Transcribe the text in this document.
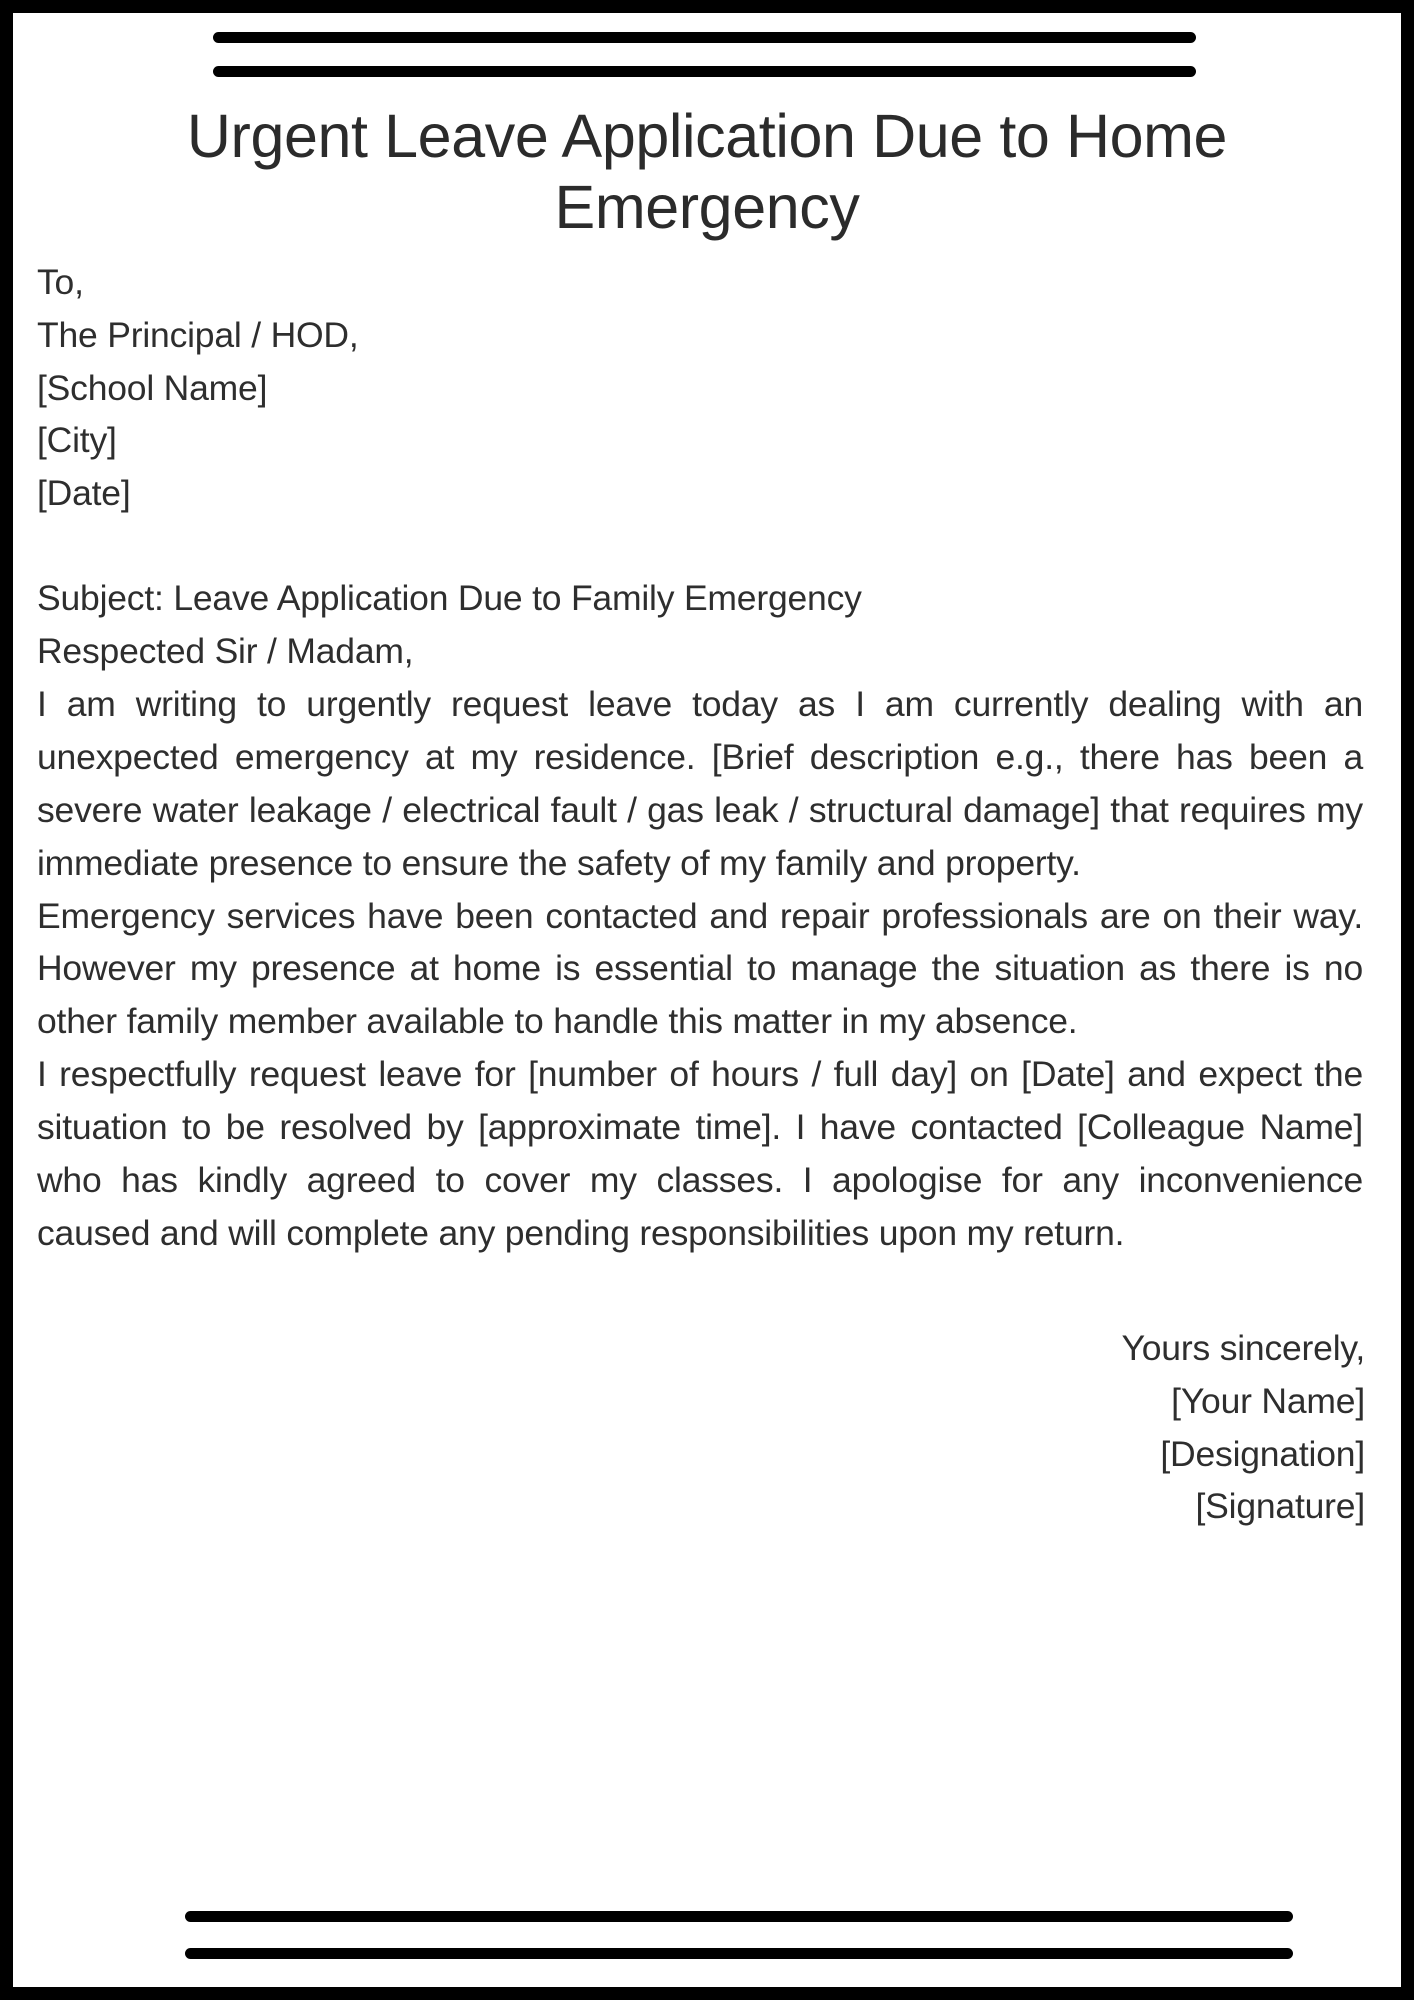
Urgent Leave Application Due to Home Emergency
To,
The Principal / HOD,
[School Name]
[City]
[Date]
Subject: Leave Application Due to Family Emergency
Respected Sir / Madam,

I am writing to urgently request leave today as I am currently dealing with an unexpected emergency at my residence. [Brief description e.g., there has been a severe water leakage / electrical fault / gas leak / structural damage] that requires my immediate presence to ensure the safety of my family and property.

Emergency services have been contacted and repair professionals are on their way. However my presence at home is essential to manage the situation as there is no other family member available to handle this matter in my absence.

I respectfully request leave for [number of hours / full day] on [Date] and expect the situation to be resolved by [approximate time]. I have contacted [Colleague Name] who has kindly agreed to cover my classes. I apologise for any inconvenience caused and will complete any pending responsibilities upon my return.

Yours sincerely,
[Your Name]
[Designation]
[Signature]
